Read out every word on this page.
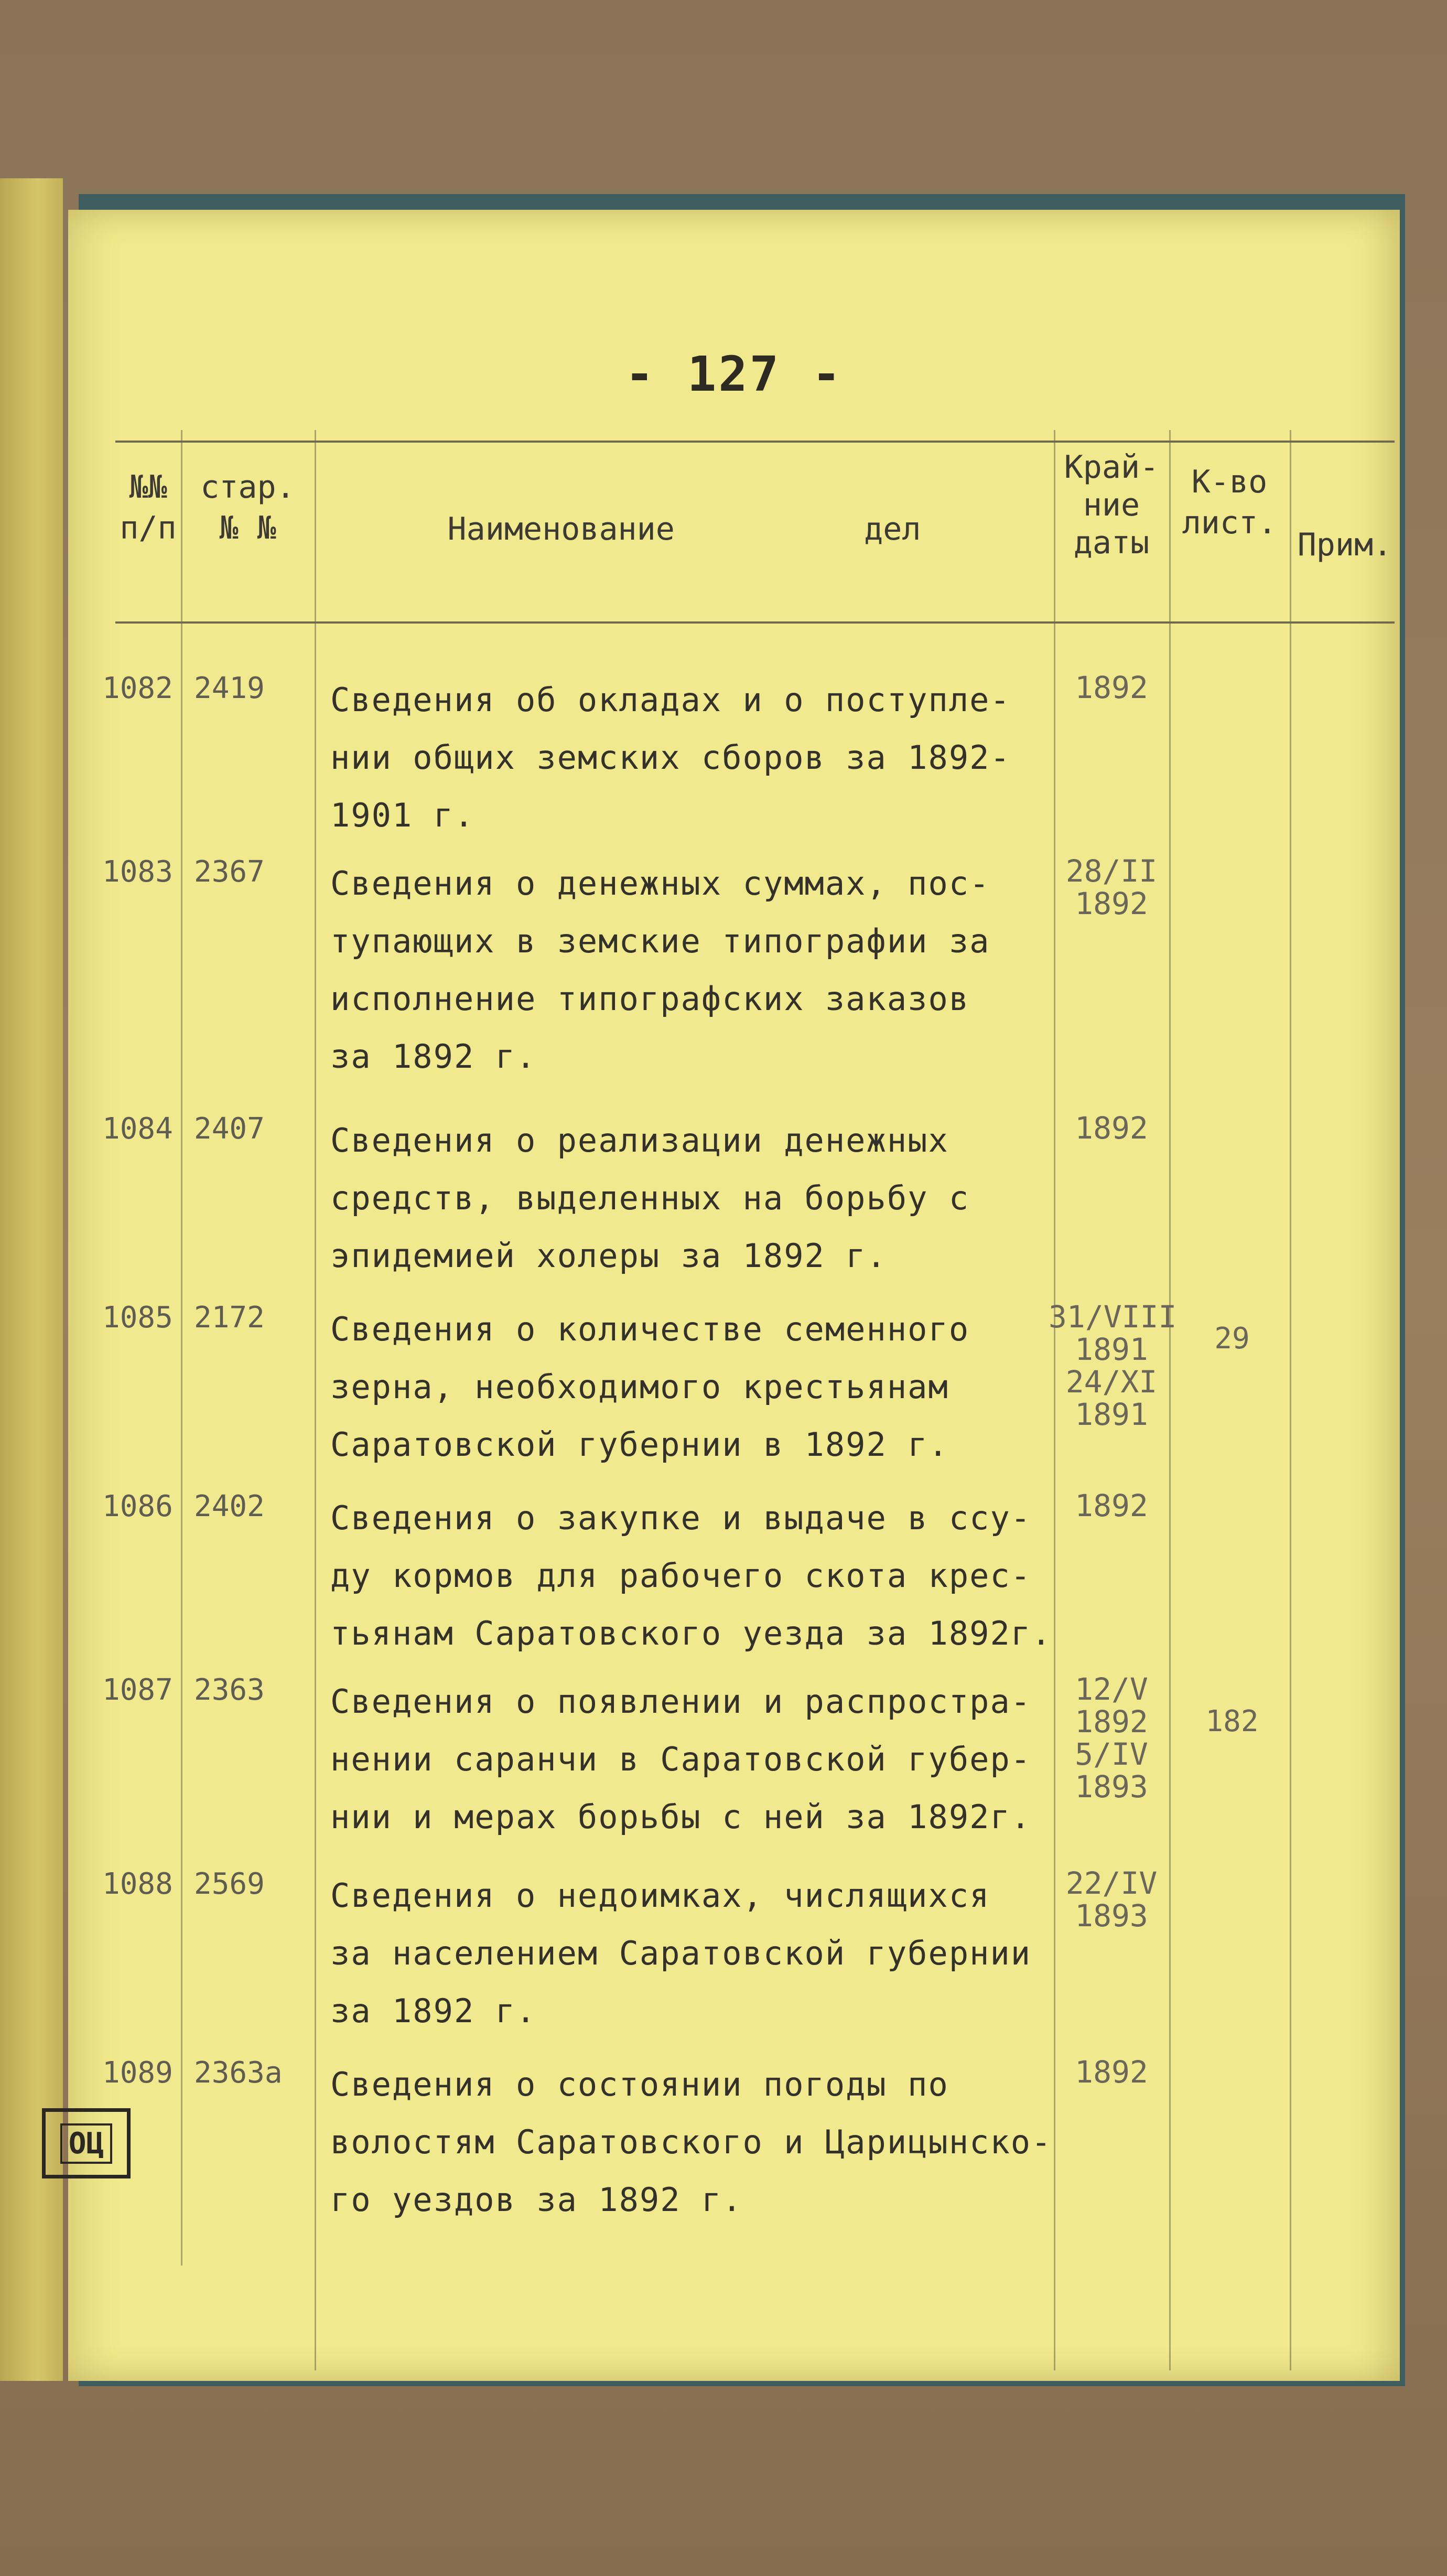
- 127 -
№№
п/п
стар.
№ №	Наименование          дел
Край-
ние
даты
К-во
лист.
Прим.
1082 2419 Сведения об окладах и о поступле-
нии общих земских сборов за 1892-
1901 г.
1892
1083 2367 Сведения о денежных суммах, пос-
тупающих в земские типографии за
исполнение типографских заказов
за 1892 г.
28/II
1892
1084 2407 Сведения о реализации денежных
средств, выделенных на борьбу с
эпидемией холеры за 1892 г.
1892
1085 2172 Сведения о количестве семенного
зерна, необходимого крестьянам
Саратовской губернии в 1892 г.
31/VIII
1891
24/XI
1891
29
1086 2402 Сведения о закупке и выдаче в ссу-
ду кормов для рабочего скота крес-
тьянам Саратовского уезда за 1892г.
1892
1087 2363 Сведения о появлении и распростра-
нении саранчи в Саратовской губер-
нии и мерах борьбы с ней за 1892г.
12/V
1892
5/IV
1893
182
1088 2569 Сведения о недоимках, числящихся
за населением Саратовской губернии
за 1892 г.
22/IV
1893
1089 2363а Сведения о состоянии погоды по
волостям Саратовского и Царицынско-
го уездов за 1892 г.
1892
ОЦ
